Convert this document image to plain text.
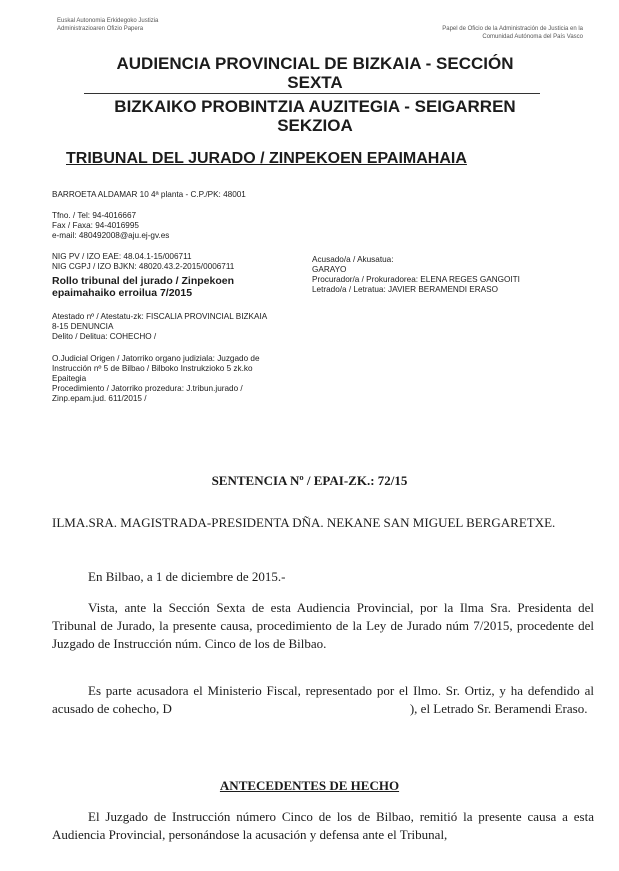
Euskal Autonomia Erkidegoko Justizia
Administrazioaren Ofizio Papera	Papel de Oficio de la Administración de Justicia en la
Comunidad Autónoma del País Vasco
AUDIENCIA PROVINCIAL DE BIZKAIA - SECCIÓN
SEXTA
BIZKAIKO PROBINTZIA AUZITEGIA - SEIGARREN
SEKZIOA
TRIBUNAL DEL JURADO / ZINPEKOEN EPAIMAHAIA
BARROETA ALDAMAR 10 4ª planta - C.P./PK: 48001
Tfno. / Tel: 94-4016667
Fax / Faxa: 94-4016995
e-mail: 480492008@aju.ej-gv.es
NIG PV / IZO EAE: 48.04.1-15/006711
NIG CGPJ / IZO BJKN: 48020.43.2-2015/0006711
Rollo tribunal del jurado / Zinpekoen
epaimahaiko erroilua 7/2015
Atestado nº / Atestatu-zk: FISCALIA PROVINCIAL BIZKAIA
8-15 DENUNCIA
Delito / Delitua: COHECHO /
O.Judicial Origen / Jatorriko organo judiziala: Juzgado de
Instrucción nº 5 de Bilbao / Bilboko Instrukzioko 5 zk.ko
Epaitegia
Procedimiento / Jatorriko prozedura: J.tribun.jurado /
Zinp.epam.jud. 611/2015 /
Acusado/a / Akusatua:
GARAYO
Procurador/a / Prokuradorea: ELENA REGES GANGOITI
Letrado/a / Letratua: JAVIER BERAMENDI ERASO
SENTENCIA Nº / EPAI-ZK.: 72/15
ILMA.SRA. MAGISTRADA-PRESIDENTA DÑA. NEKANE SAN MIGUEL BERGARETXE.
En Bilbao, a 1 de diciembre de 2015.-
Vista, ante la Sección Sexta de esta Audiencia Provincial, por la Ilma Sra. Presidenta del Tribunal de Jurado, la presente causa, procedimiento de la Ley de Jurado núm 7/2015, procedente del Juzgado de Instrucción núm. Cinco de los de Bilbao.
Es parte acusadora el Ministerio Fiscal, representado por el Ilmo. Sr. Ortiz, y ha defendido al acusado de cohecho, D	), el Letrado Sr. Beramendi Eraso.
ANTECEDENTES DE HECHO
El Juzgado de Instrucción número Cinco de los de Bilbao, remitió la presente causa a esta Audiencia Provincial, personándose la acusación y defensa ante el Tribunal,
